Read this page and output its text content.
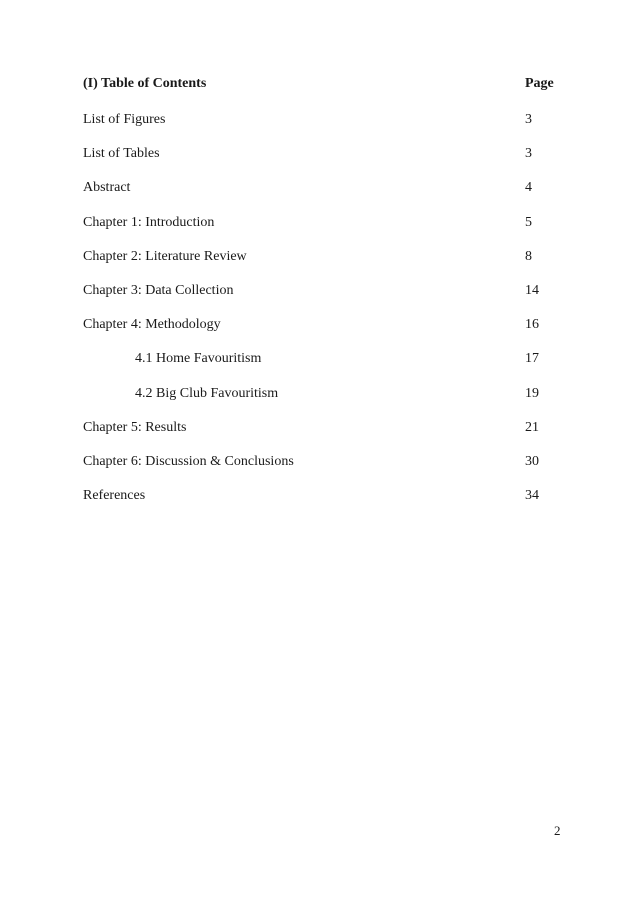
(I) Table of Contents	Page
List of Figures	3
List of Tables	3
Abstract	4
Chapter 1: Introduction	5
Chapter 2: Literature Review	8
Chapter 3: Data Collection	14
Chapter 4: Methodology	16
4.1 Home Favouritism	17
4.2 Big Club Favouritism	19
Chapter 5: Results	21
Chapter 6: Discussion & Conclusions	30
References	34
2
